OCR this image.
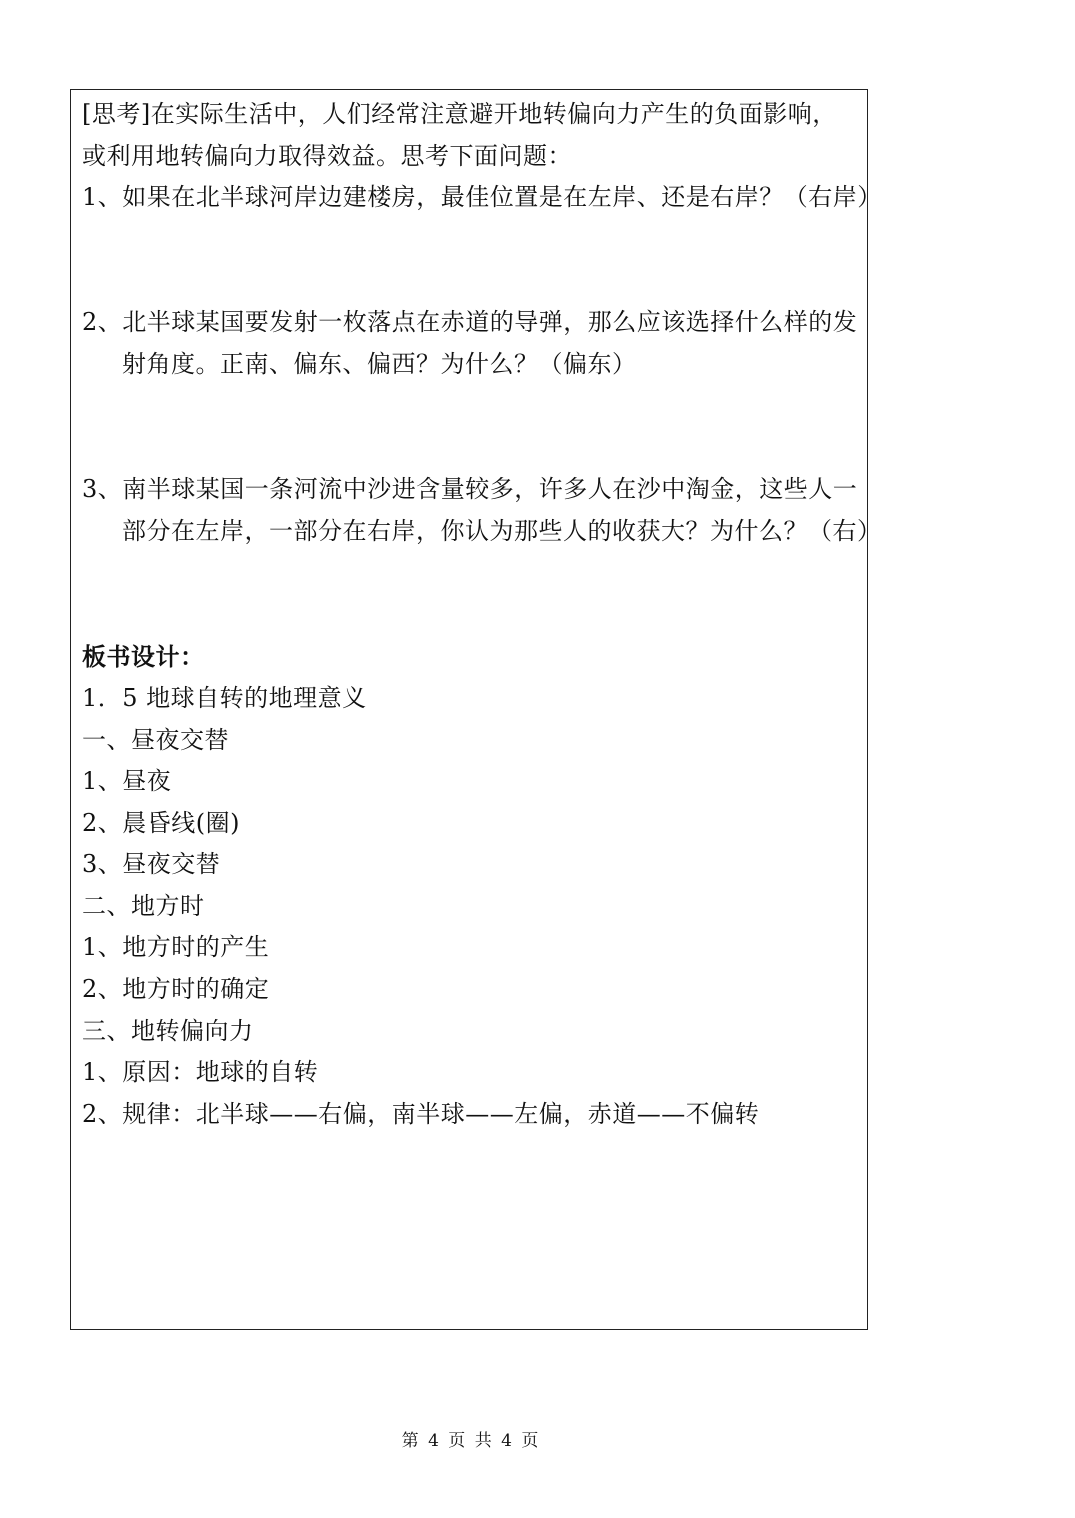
[思考]在实际生活中，人们经常注意避开地转偏向力产生的负面影响，
或利用地转偏向力取得效益。思考下面问题：
1、如果在北半球河岸边建楼房，最佳位置是在左岸、还是右岸？（右岸）
2、北半球某国要发射一枚落点在赤道的导弹，那么应该选择什么样的发
射角度。正南、偏东、偏西？为什么？（偏东）
3、南半球某国一条河流中沙进含量较多，许多人在沙中淘金，这些人一
部分在左岸，一部分在右岸，你认为那些人的收获大？为什么？（右）
板书设计：
1．5 地球自转的地理意义
一、昼夜交替
1、昼夜
2、晨昏线(圈)
3、昼夜交替
二、地方时
1、地方时的产生
2、地方时的确定
三、地转偏向力
1、原因：地球的自转
2、规律：北半球——右偏，南半球——左偏，赤道——不偏转
第 4 页 共 4 页
